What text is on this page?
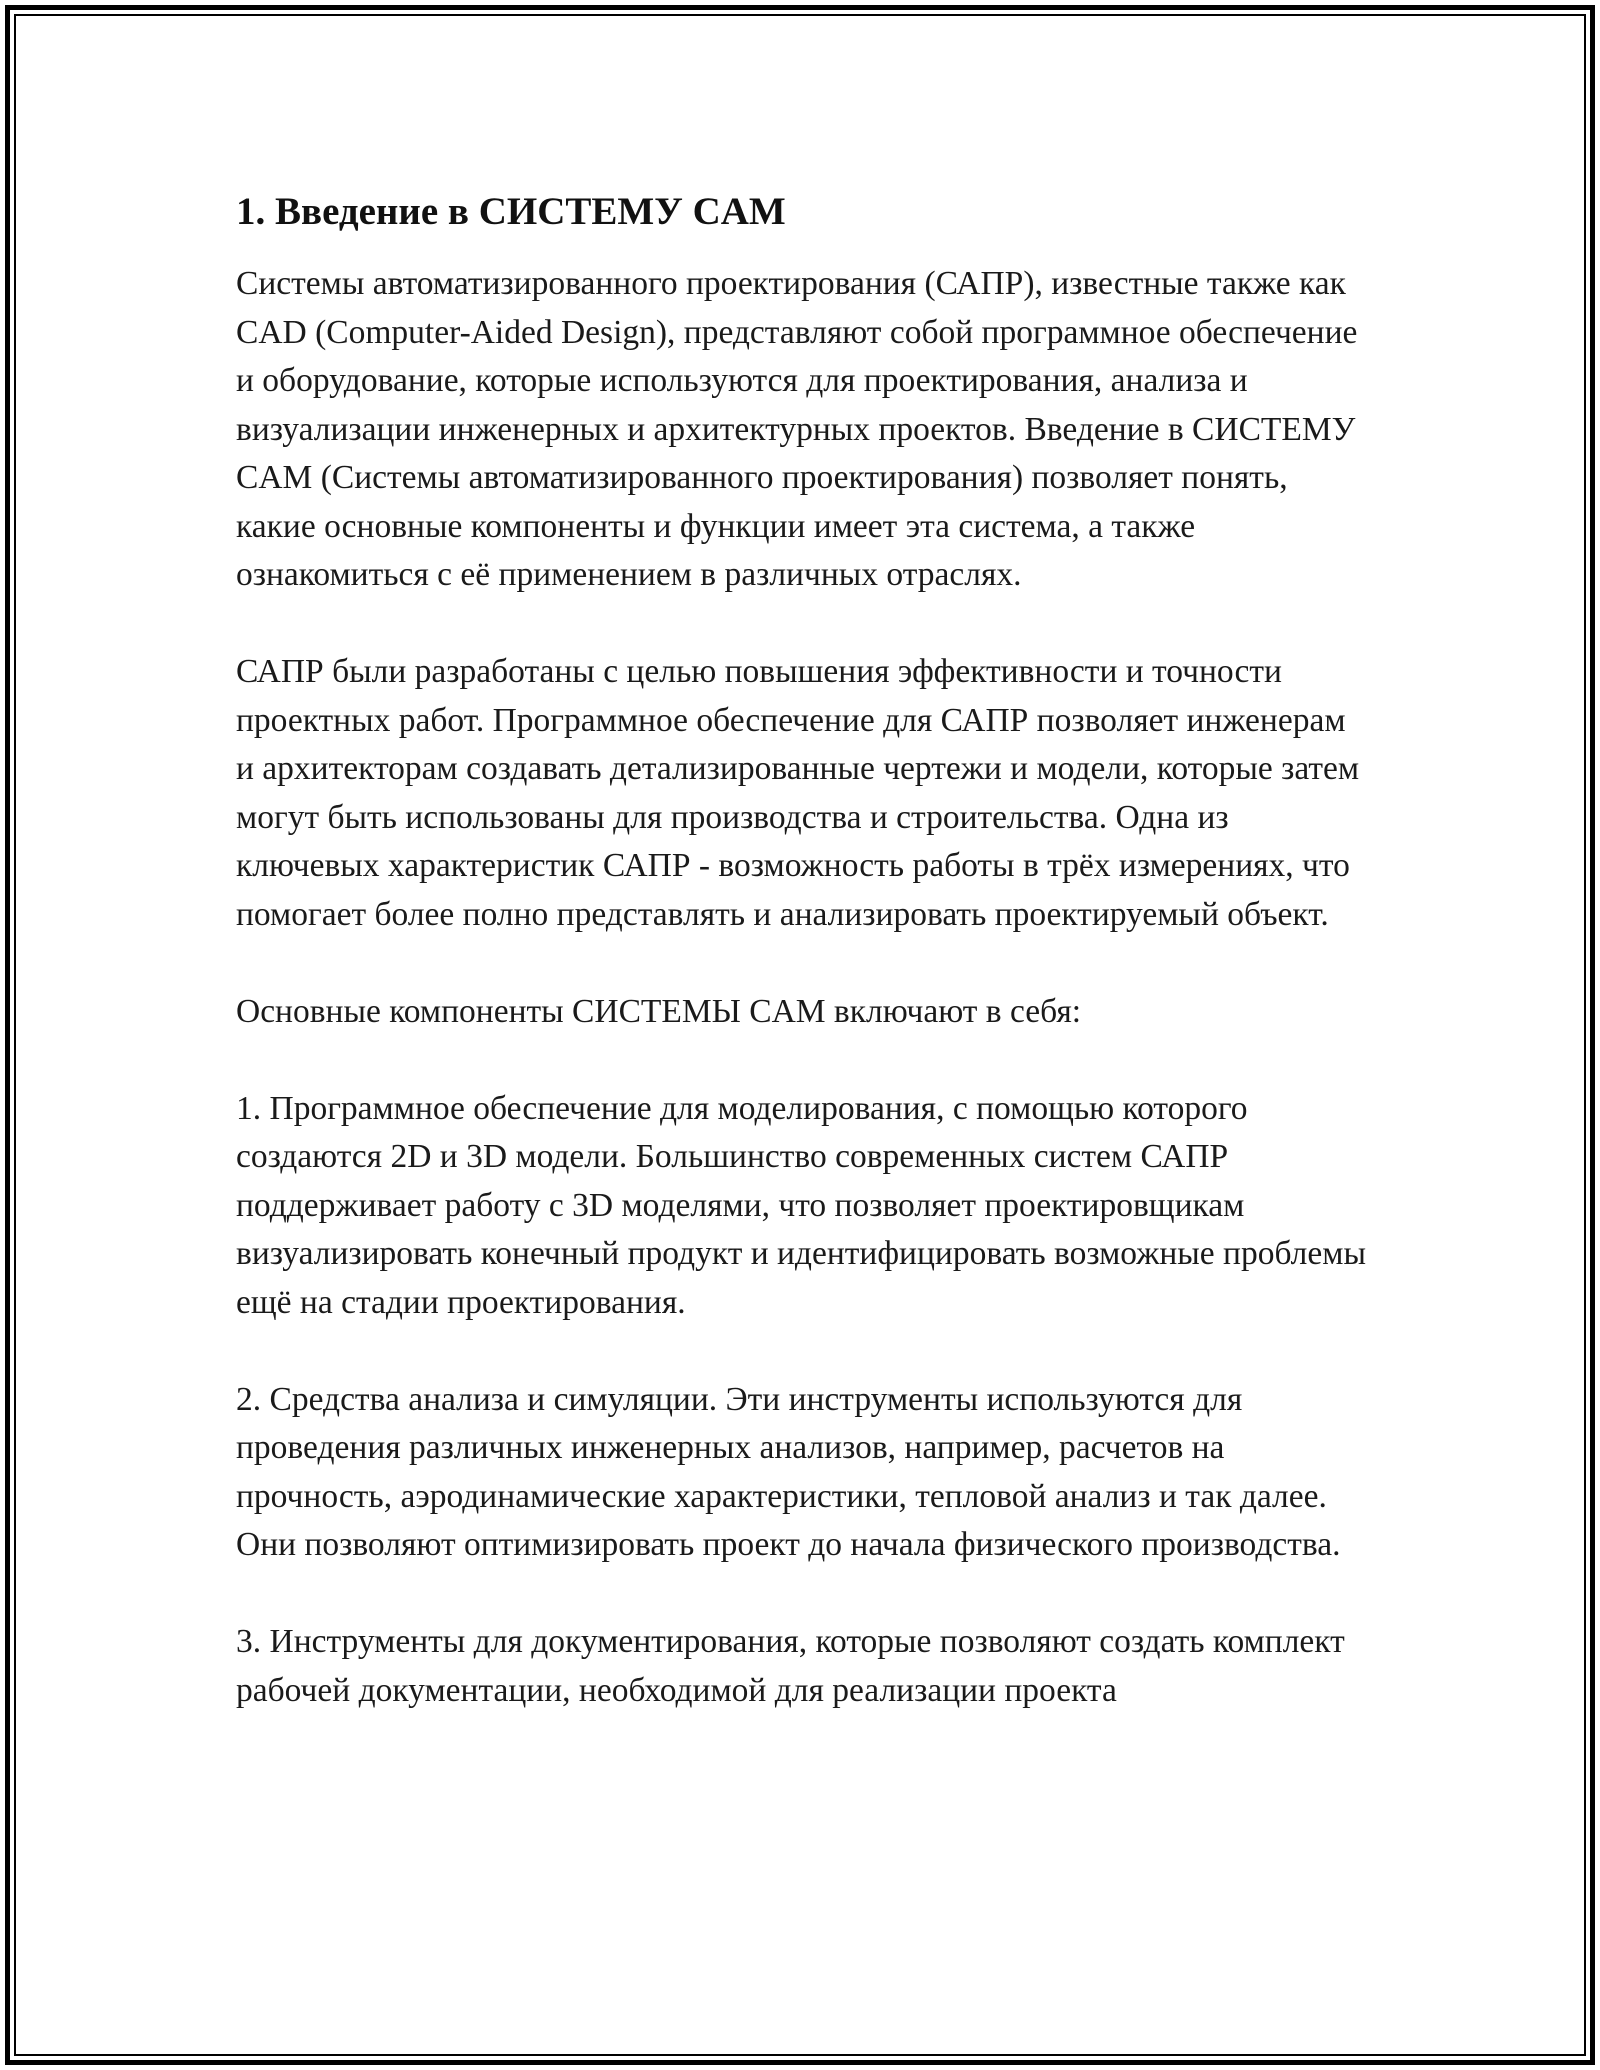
1. Введение в СИСТЕМУ CAM

Системы автоматизированного проектирования (САПР), известные также как CAD (Computer-Aided Design), представляют собой программное обеспечение и оборудование, которые используются для проектирования, анализа и визуализации инженерных и архитектурных проектов. Введение в СИСТЕМУ CAM (Системы автоматизированного проектирования) позволяет понять, какие основные компоненты и функции имеет эта система, а также ознакомиться с её применением в различных отраслях.

САПР были разработаны с целью повышения эффективности и точности проектных работ. Программное обеспечение для САПР позволяет инженерам и архитекторам создавать детализированные чертежи и модели, которые затем могут быть использованы для производства и строительства. Одна из ключевых характеристик САПР - возможность работы в трёх измерениях, что помогает более полно представлять и анализировать проектируемый объект.

Основные компоненты СИСТЕМЫ CAM включают в себя:

1. Программное обеспечение для моделирования, с помощью которого создаются 2D и 3D модели. Большинство современных систем САПР поддерживает работу с 3D моделями, что позволяет проектировщикам визуализировать конечный продукт и идентифицировать возможные проблемы ещё на стадии проектирования.

2. Средства анализа и симуляции. Эти инструменты используются для проведения различных инженерных анализов, например, расчетов на прочность, аэродинамические характеристики, тепловой анализ и так далее. Они позволяют оптимизировать проект до начала физического производства.

3. Инструменты для документирования, которые позволяют создать комплект рабочей документации, необходимой для реализации проекта
